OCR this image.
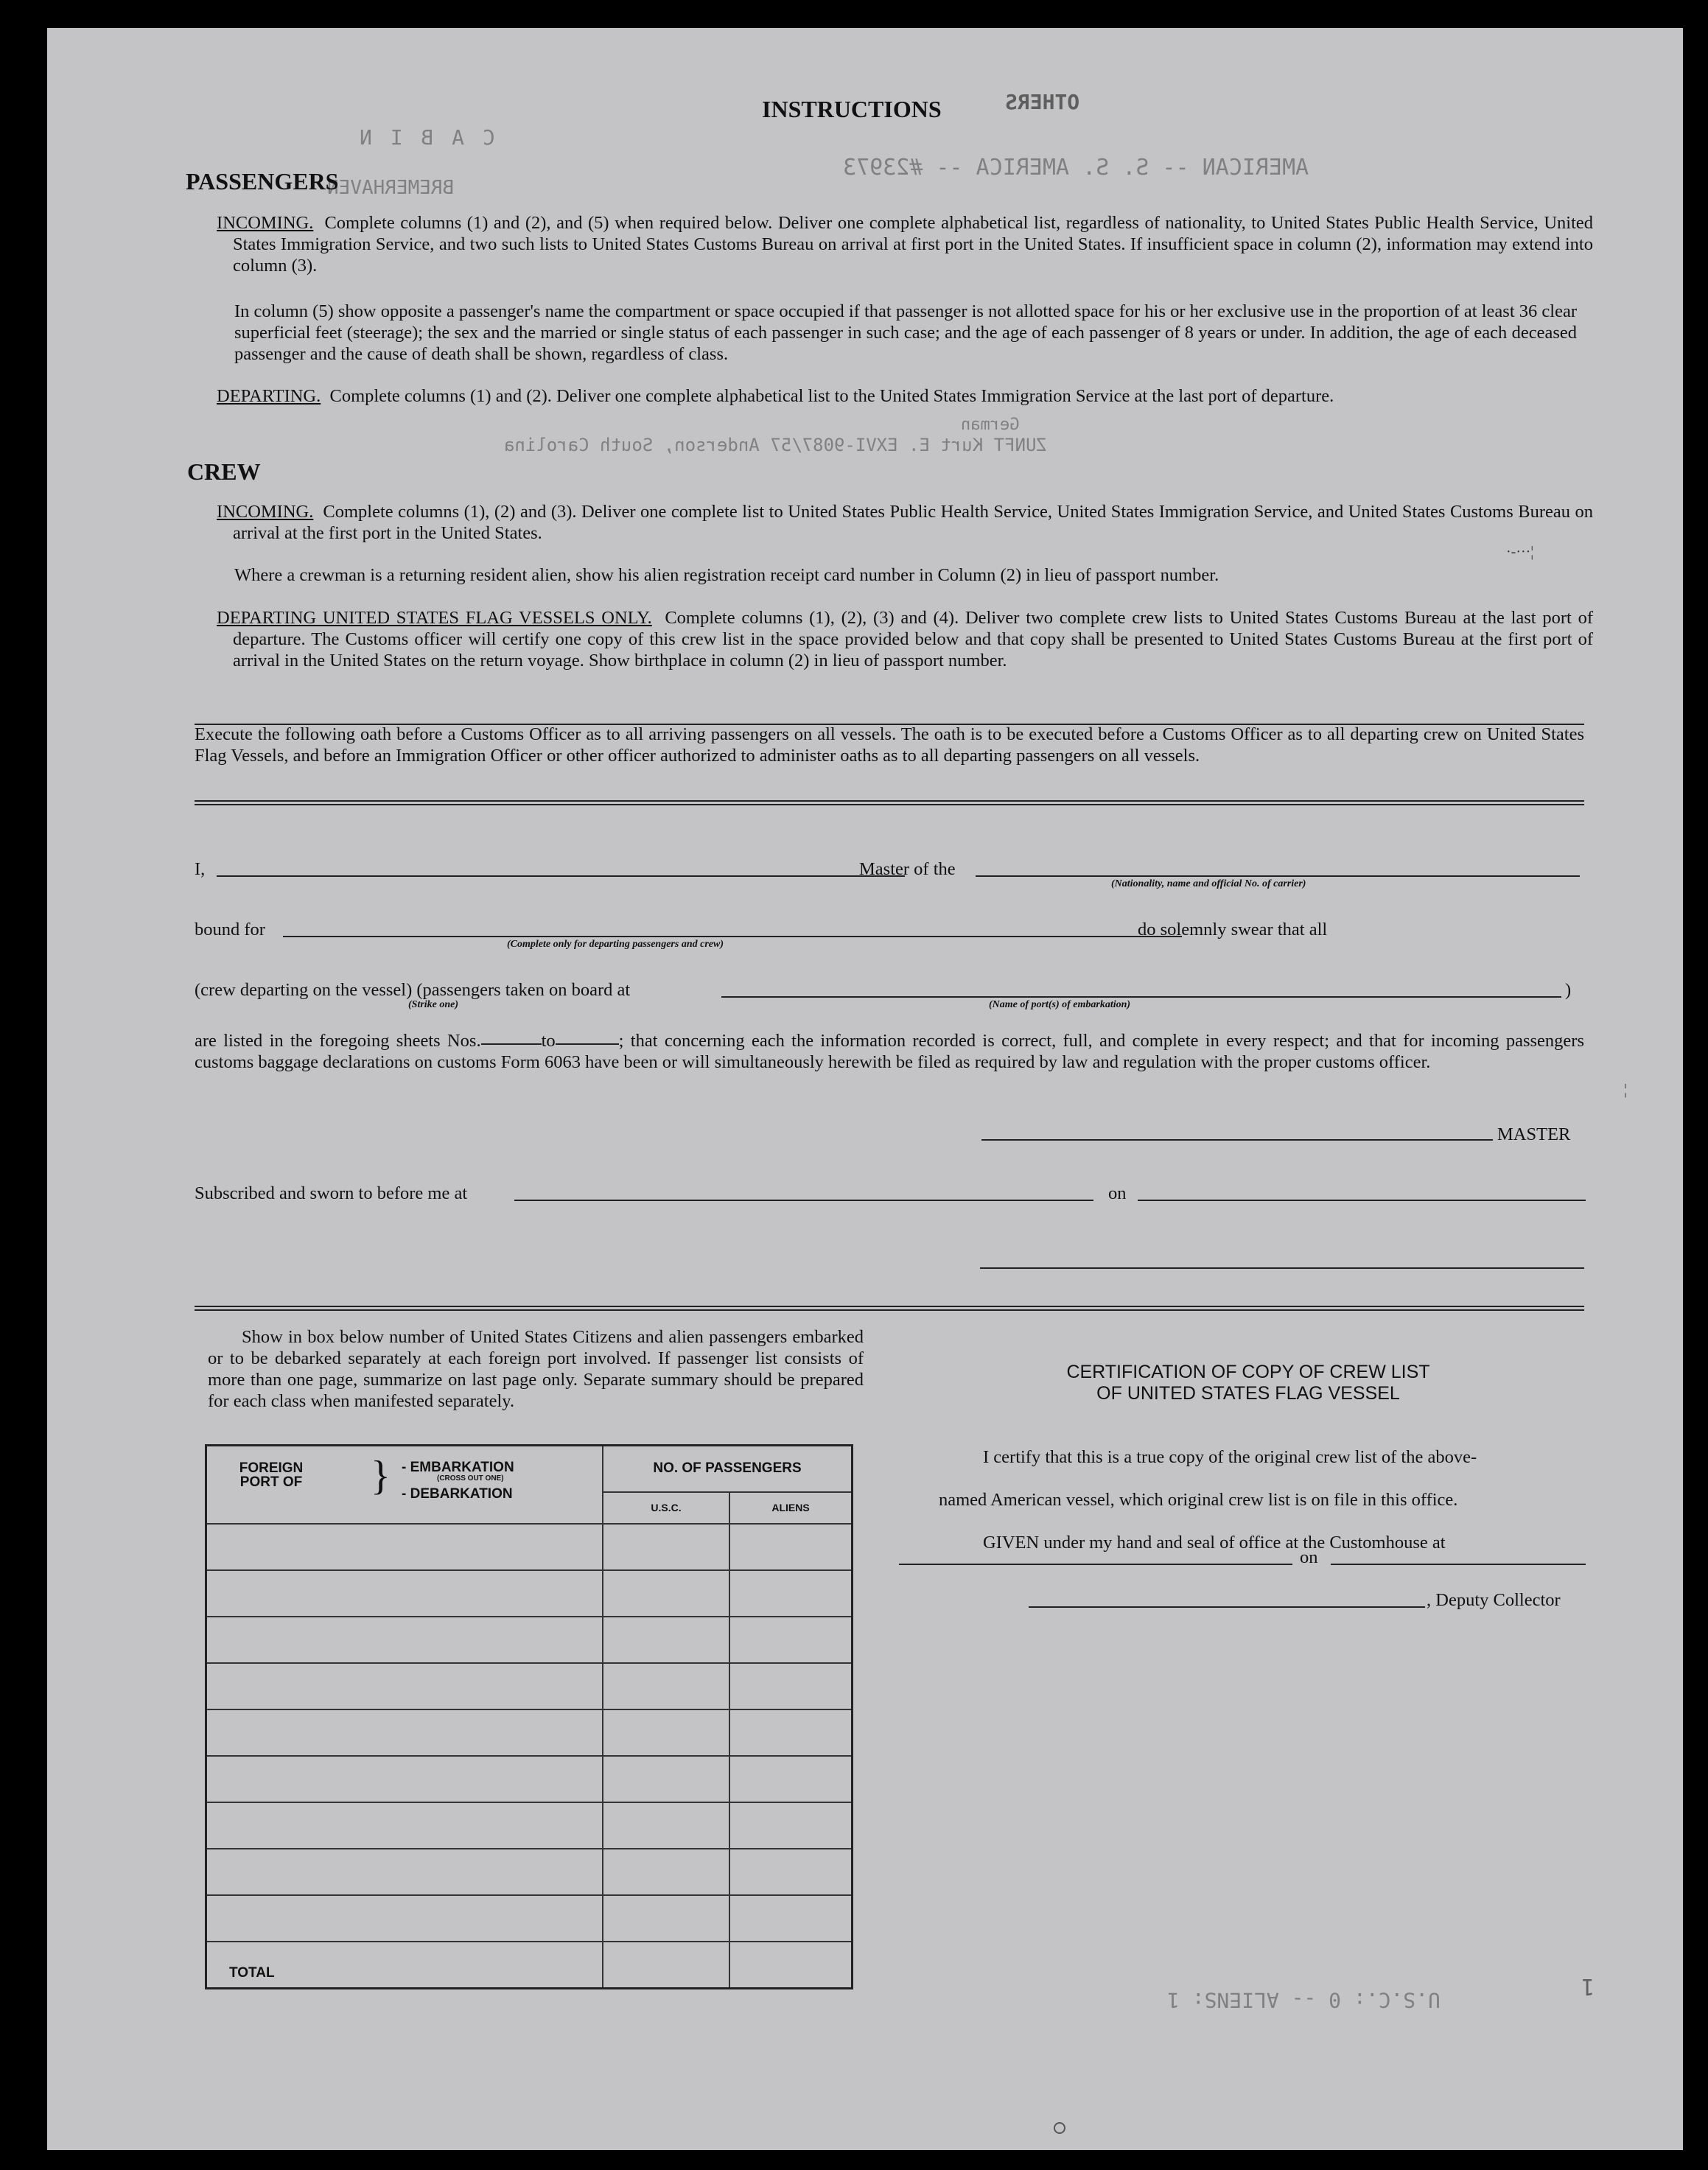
AMERICAN -- S. S. AMERICA -- #23973
C A B I N
BREMERHAVEN
German
ZUNFT Kurt E. EXVI-9087/57 Anderson, South Carolina
U.S.C.: 0 -- ALIENS: 1
1
INSTRUCTIONS	OTHERS
PASSENGERS
INCOMING. Complete columns (1) and (2), and (5) when required below. Deliver one complete alphabetical list, regardless of nationality, to United States Public Health Service, United States Immigration Service, and two such lists to United States Customs Bureau on arrival at first port in the United States. If insufficient space in column (2), information may extend into column (3).
In column (5) show opposite a passenger's name the compartment or space occupied if that passenger is not allotted space for his or her exclusive use in the proportion of at least 36 clear superficial feet (steerage); the sex and the married or single status of each passenger in such case; and the age of each passenger of 8 years or under. In addition, the age of each deceased passenger and the cause of death shall be shown, regardless of class.
DEPARTING. Complete columns (1) and (2). Deliver one complete alphabetical list to the United States Immigration Service at the last port of departure.
CREW
INCOMING. Complete columns (1), (2) and (3). Deliver one complete list to United States Public Health Service, United States Immigration Service, and United States Customs Bureau on arrival at the first port in the United States.
Where a crewman is a returning resident alien, show his alien registration receipt card number in Column (2) in lieu of passport number.
DEPARTING UNITED STATES FLAG VESSELS ONLY. Complete columns (1), (2), (3) and (4). Deliver two complete crew lists to United States Customs Bureau at the last port of departure. The Customs officer will certify one copy of this crew list in the space provided below and that copy shall be presented to United States Customs Bureau at the first port of arrival in the United States on the return voyage. Show birthplace in column (2) in lieu of passport number.
Execute the following oath before a Customs Officer as to all arriving passengers on all vessels. The oath is to be executed before a Customs Officer as to all departing crew on United States Flag Vessels, and before an Immigration Officer or other officer authorized to administer oaths as to all departing passengers on all vessels.
I,	Master of the
(Nationality, name and official No. of carrier)
bound for
(Complete only for departing passengers and crew)
do solemnly swear that all
(crew departing on the vessel) (passengers taken on board at
(Strike one)
)
(Name of port(s) of embarkation)
are listed in the foregoing sheets Nos.	to	; that concerning each the information recorded is correct, full, and complete in every respect; and that for incoming passengers customs baggage declarations on customs Form 6063 have been or will simultaneously herewith be filed as required by law and regulation with the proper customs officer.
MASTER
Subscribed and sworn to before me at	on
Show in box below number of United States Citizens and alien passengers embarked or to be debarked separately at each foreign port involved. If passenger list consists of more than one page, summarize on last page only. Separate summary should be prepared for each class when manifested separately.
FOREIGN PORT OF } - EMBARKATION
(CROSS OUT ONE)
- DEBARKATION	NO. OF PASSENGERS	
	U.S.C.	ALIENS

TOTAL		
CERTIFICATION OF COPY OF CREW LIST
OF UNITED STATES FLAG VESSEL
I certify that this is a true copy of the original crew list of the above-
named American vessel, which original crew list is on file in this office.
GIVEN under my hand and seal of office at the Customhouse at
on
, Deputy Collector
·-···¦
¦
